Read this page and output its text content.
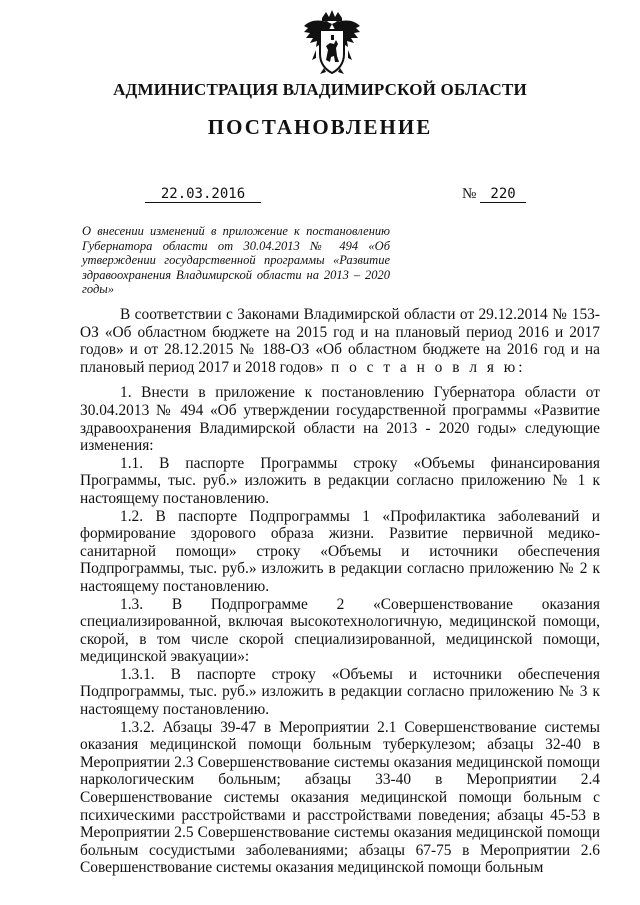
АДМИНИСТРАЦИЯ ВЛАДИМИРСКОЙ ОБЛАСТИ
ПОСТАНОВЛЕНИЕ
22.03.2016	№ 220
О внесении изменений в приложение к постановлению Губернатора области от 30.04.2013 № 494 «Об утверждении государственной программы «Развитие здравоохранения Владимирской области на 2013 – 2020 годы»

В соответствии с Законами Владимирской области от 29.12.2014 № 153-ОЗ «Об областном бюджете на 2015 год и на плановый период 2016 и 2017 годов» и от 28.12.2015 № 188-ОЗ «Об областном бюджете на 2016 год и на плановый период 2017 и 2018 годов» п о с т а н о в л я ю:

1. Внести в приложение к постановлению Губернатора области от 30.04.2013 № 494 «Об утверждении государственной программы «Развитие здравоохранения Владимирской области на 2013 - 2020 годы» следующие изменения:

1.1. В паспорте Программы строку «Объемы финансирования Программы, тыс. руб.» изложить в редакции согласно приложению № 1 к настоящему постановлению.

1.2. В паспорте Подпрограммы 1 «Профилактика заболеваний и формирование здорового образа жизни. Развитие первичной медико-санитарной помощи» строку «Объемы и источники обеспечения Подпрограммы, тыс. руб.» изложить в редакции согласно приложению № 2 к настоящему постановлению.

1.3. В Подпрограмме 2 «Совершенствование оказания специализированной, включая высокотехнологичную, медицинской помощи, скорой, в том числе скорой специализированной, медицинской помощи, медицинской эвакуации»:

1.3.1. В паспорте строку «Объемы и источники обеспечения Подпрограммы, тыс. руб.» изложить в редакции согласно приложению № 3 к настоящему постановлению.

1.3.2. Абзацы 39-47 в Мероприятии 2.1 Совершенствование системы оказания медицинской помощи больным туберкулезом; абзацы 32-40 в Мероприятии 2.3 Совершенствование системы оказания медицинской помощи наркологическим больным; абзацы 33-40 в Мероприятии 2.4 Совершенствование системы оказания медицинской помощи больным с психическими расстройствами и расстройствами поведения; абзацы 45-53 в Мероприятии 2.5 Совершенствование системы оказания медицинской помощи больным сосудистыми заболеваниями; абзацы 67-75 в Мероприятии 2.6 Совершенствование системы оказания медицинской помощи больным
